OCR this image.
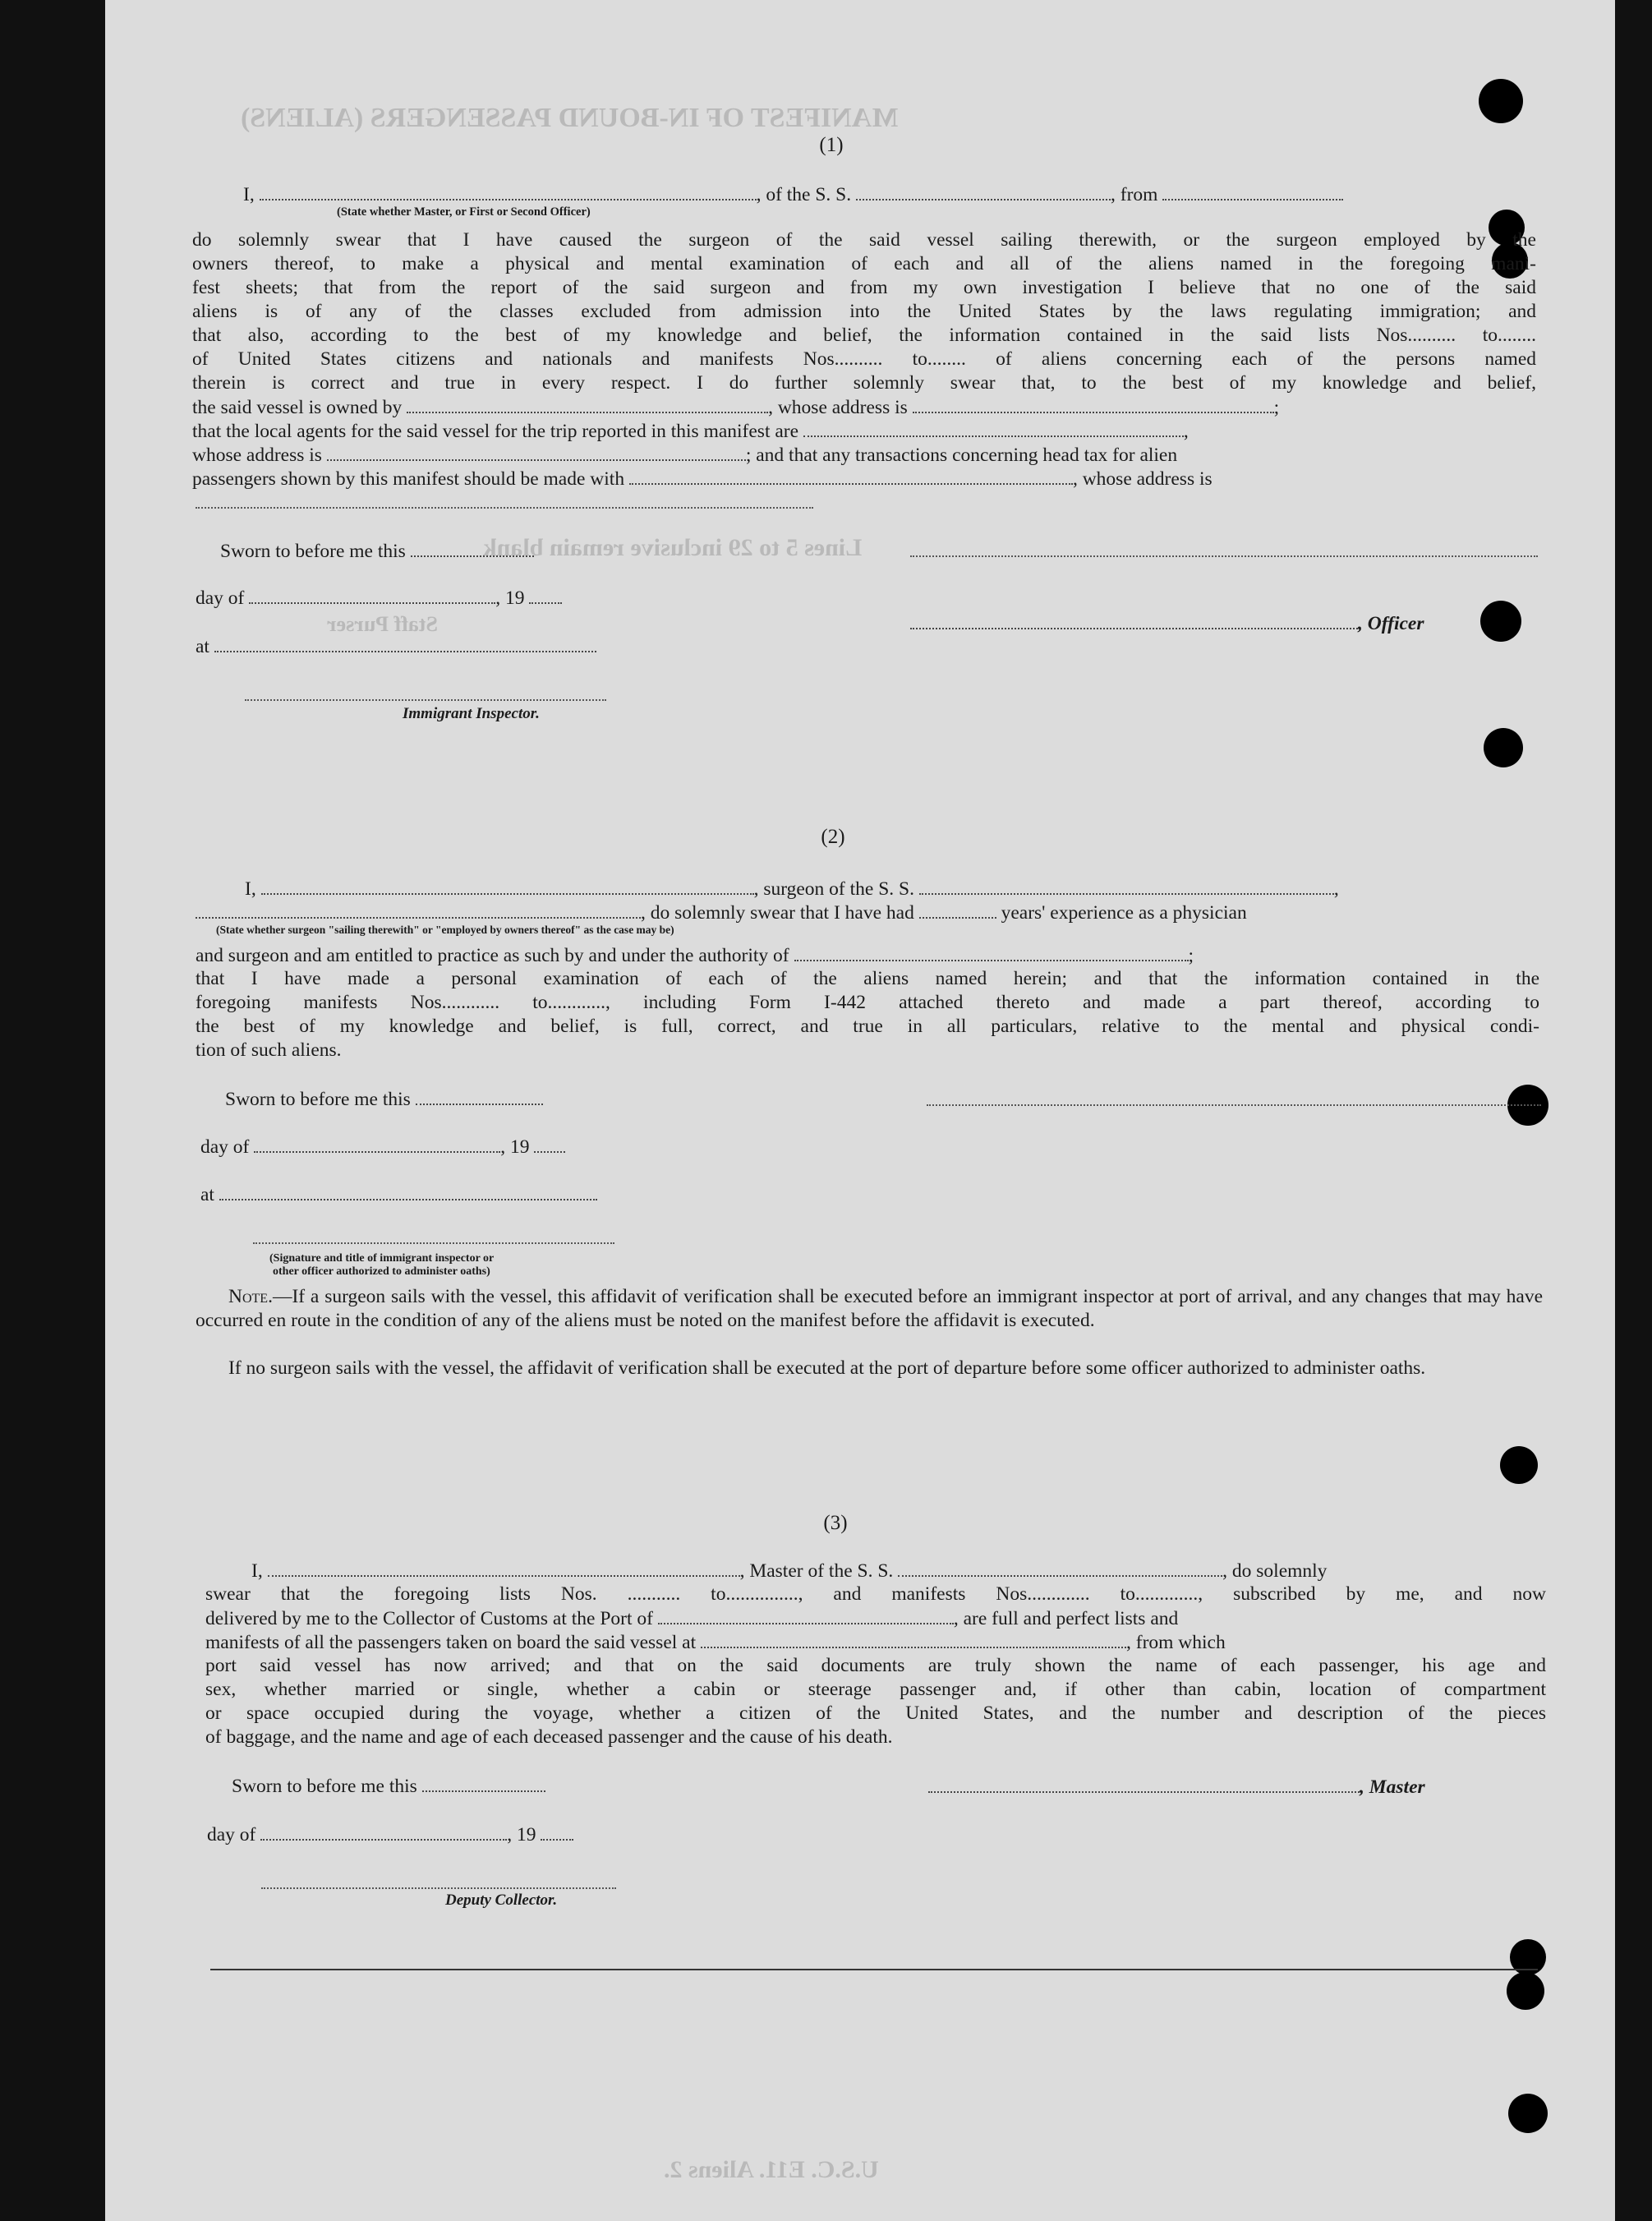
MANIFEST OF IN-BOUND PASSENGERS (ALIENS)
Lines 5 to 29 inclusive remain blank
Staff Purser
U.S.C. E11. Aliens 2.
(1)
I,	, of the S. S.	, from
(State whether Master, or First or Second Officer)
do solemnly swear that I have caused the surgeon of the said vessel sailing therewith, or the surgeon employed by the
owners thereof, to make a physical and mental examination of each and all of the aliens named in the foregoing mani-
fest sheets; that from the report of the said surgeon and from my own investigation I believe that no one of the said
aliens is of any of the classes excluded from admission into the United States by the laws regulating immigration; and
that also, according to the best of my knowledge and belief, the information contained in the said lists Nos.......... to........
of United States citizens and nationals and manifests Nos.......... to........ of aliens concerning each of the persons named
therein is correct and true in every respect. I do further solemnly swear that, to the best of my knowledge and belief,
the said vessel is owned by	, whose address is	;
that the local agents for the said vessel for the trip reported in this manifest are	,
whose address is	; and that any transactions concerning head tax for alien
passengers shown by this manifest should be made with	, whose address is
Sworn to before me this
day of	, 19
, Officer
at
Immigrant Inspector.
(2)
I,	, surgeon of the S. S.	,
, do solemnly swear that I have had	years' experience as a physician
(State whether surgeon "sailing therewith" or "employed by owners thereof" as the case may be)
and surgeon and am entitled to practice as such by and under the authority of	;
that I have made a personal examination of each of the aliens named herein; and that the information contained in the
foregoing manifests Nos............ to............, including Form I-442 attached thereto and made a part thereof, according to
the best of my knowledge and belief, is full, correct, and true in all particulars, relative to the mental and physical condi-
tion of such aliens.
Sworn to before me this
day of	, 19
at
(Signature and title of immigrant inspector or
other officer authorized to administer oaths)
Note.—If a surgeon sails with the vessel, this affidavit of verification shall be executed before an immigrant inspector at port of arrival, and any changes that may have occurred en route in the condition of any of the aliens must be noted on the manifest before the affidavit is executed.
If no surgeon sails with the vessel, the affidavit of verification shall be executed at the port of departure before some officer authorized to administer oaths.
(3)
I,	, Master of the S. S.	, do solemnly
swear that the foregoing lists Nos. ........... to..............., and manifests Nos............. to............., subscribed by me, and now
delivered by me to the Collector of Customs at the Port of	, are full and perfect lists and
manifests of all the passengers taken on board the said vessel at	, from which
port said vessel has now arrived; and that on the said documents are truly shown the name of each passenger, his age and
sex, whether married or single, whether a cabin or steerage passenger and, if other than cabin, location of compartment
or space occupied during the voyage, whether a citizen of the United States, and the number and description of the pieces
of baggage, and the name and age of each deceased passenger and the cause of his death.
Sworn to before me this	, Master
day of	, 19
Deputy Collector.
